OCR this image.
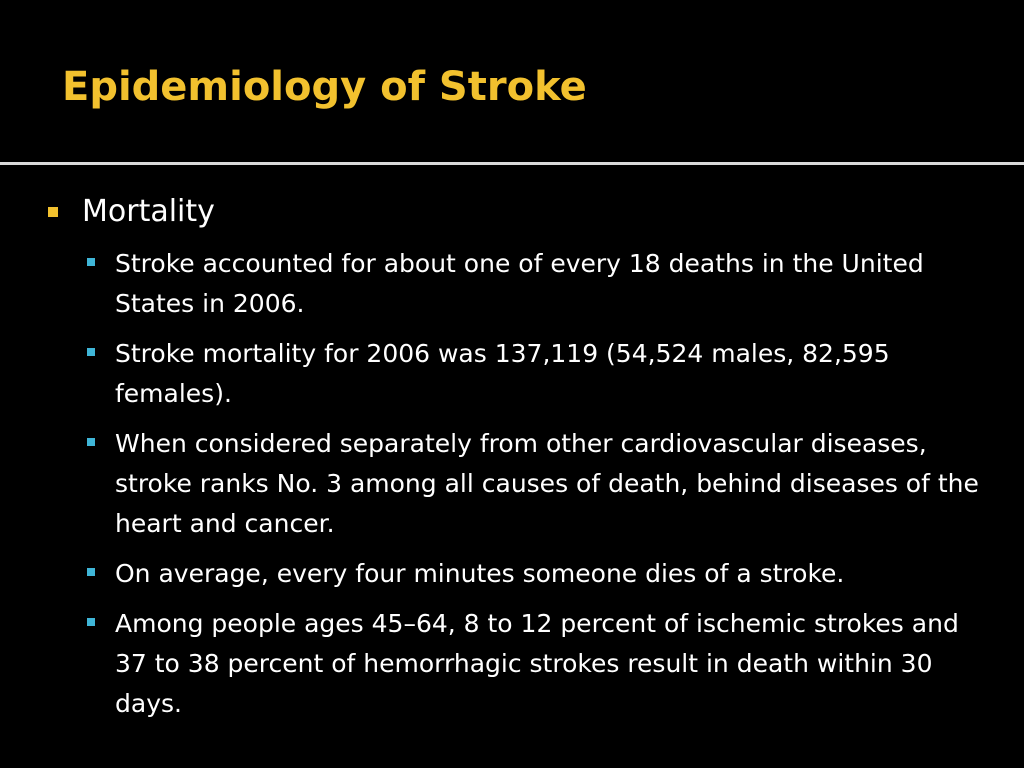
Epidemiology of Stroke

Mortality

Stroke accounted for about one of every 18 deaths in the United States in 2006.
Stroke mortality for 2006 was 137,119 (54,524 males, 82,595 females).
When considered separately from other cardiovascular diseases, stroke ranks No. 3 among all causes of death, behind diseases of the heart and cancer.
On average, every four minutes someone dies of a stroke.
Among people ages 45–64, 8 to 12 percent of ischemic strokes and 37 to 38 percent of hemorrhagic strokes result in death within 30 days.
